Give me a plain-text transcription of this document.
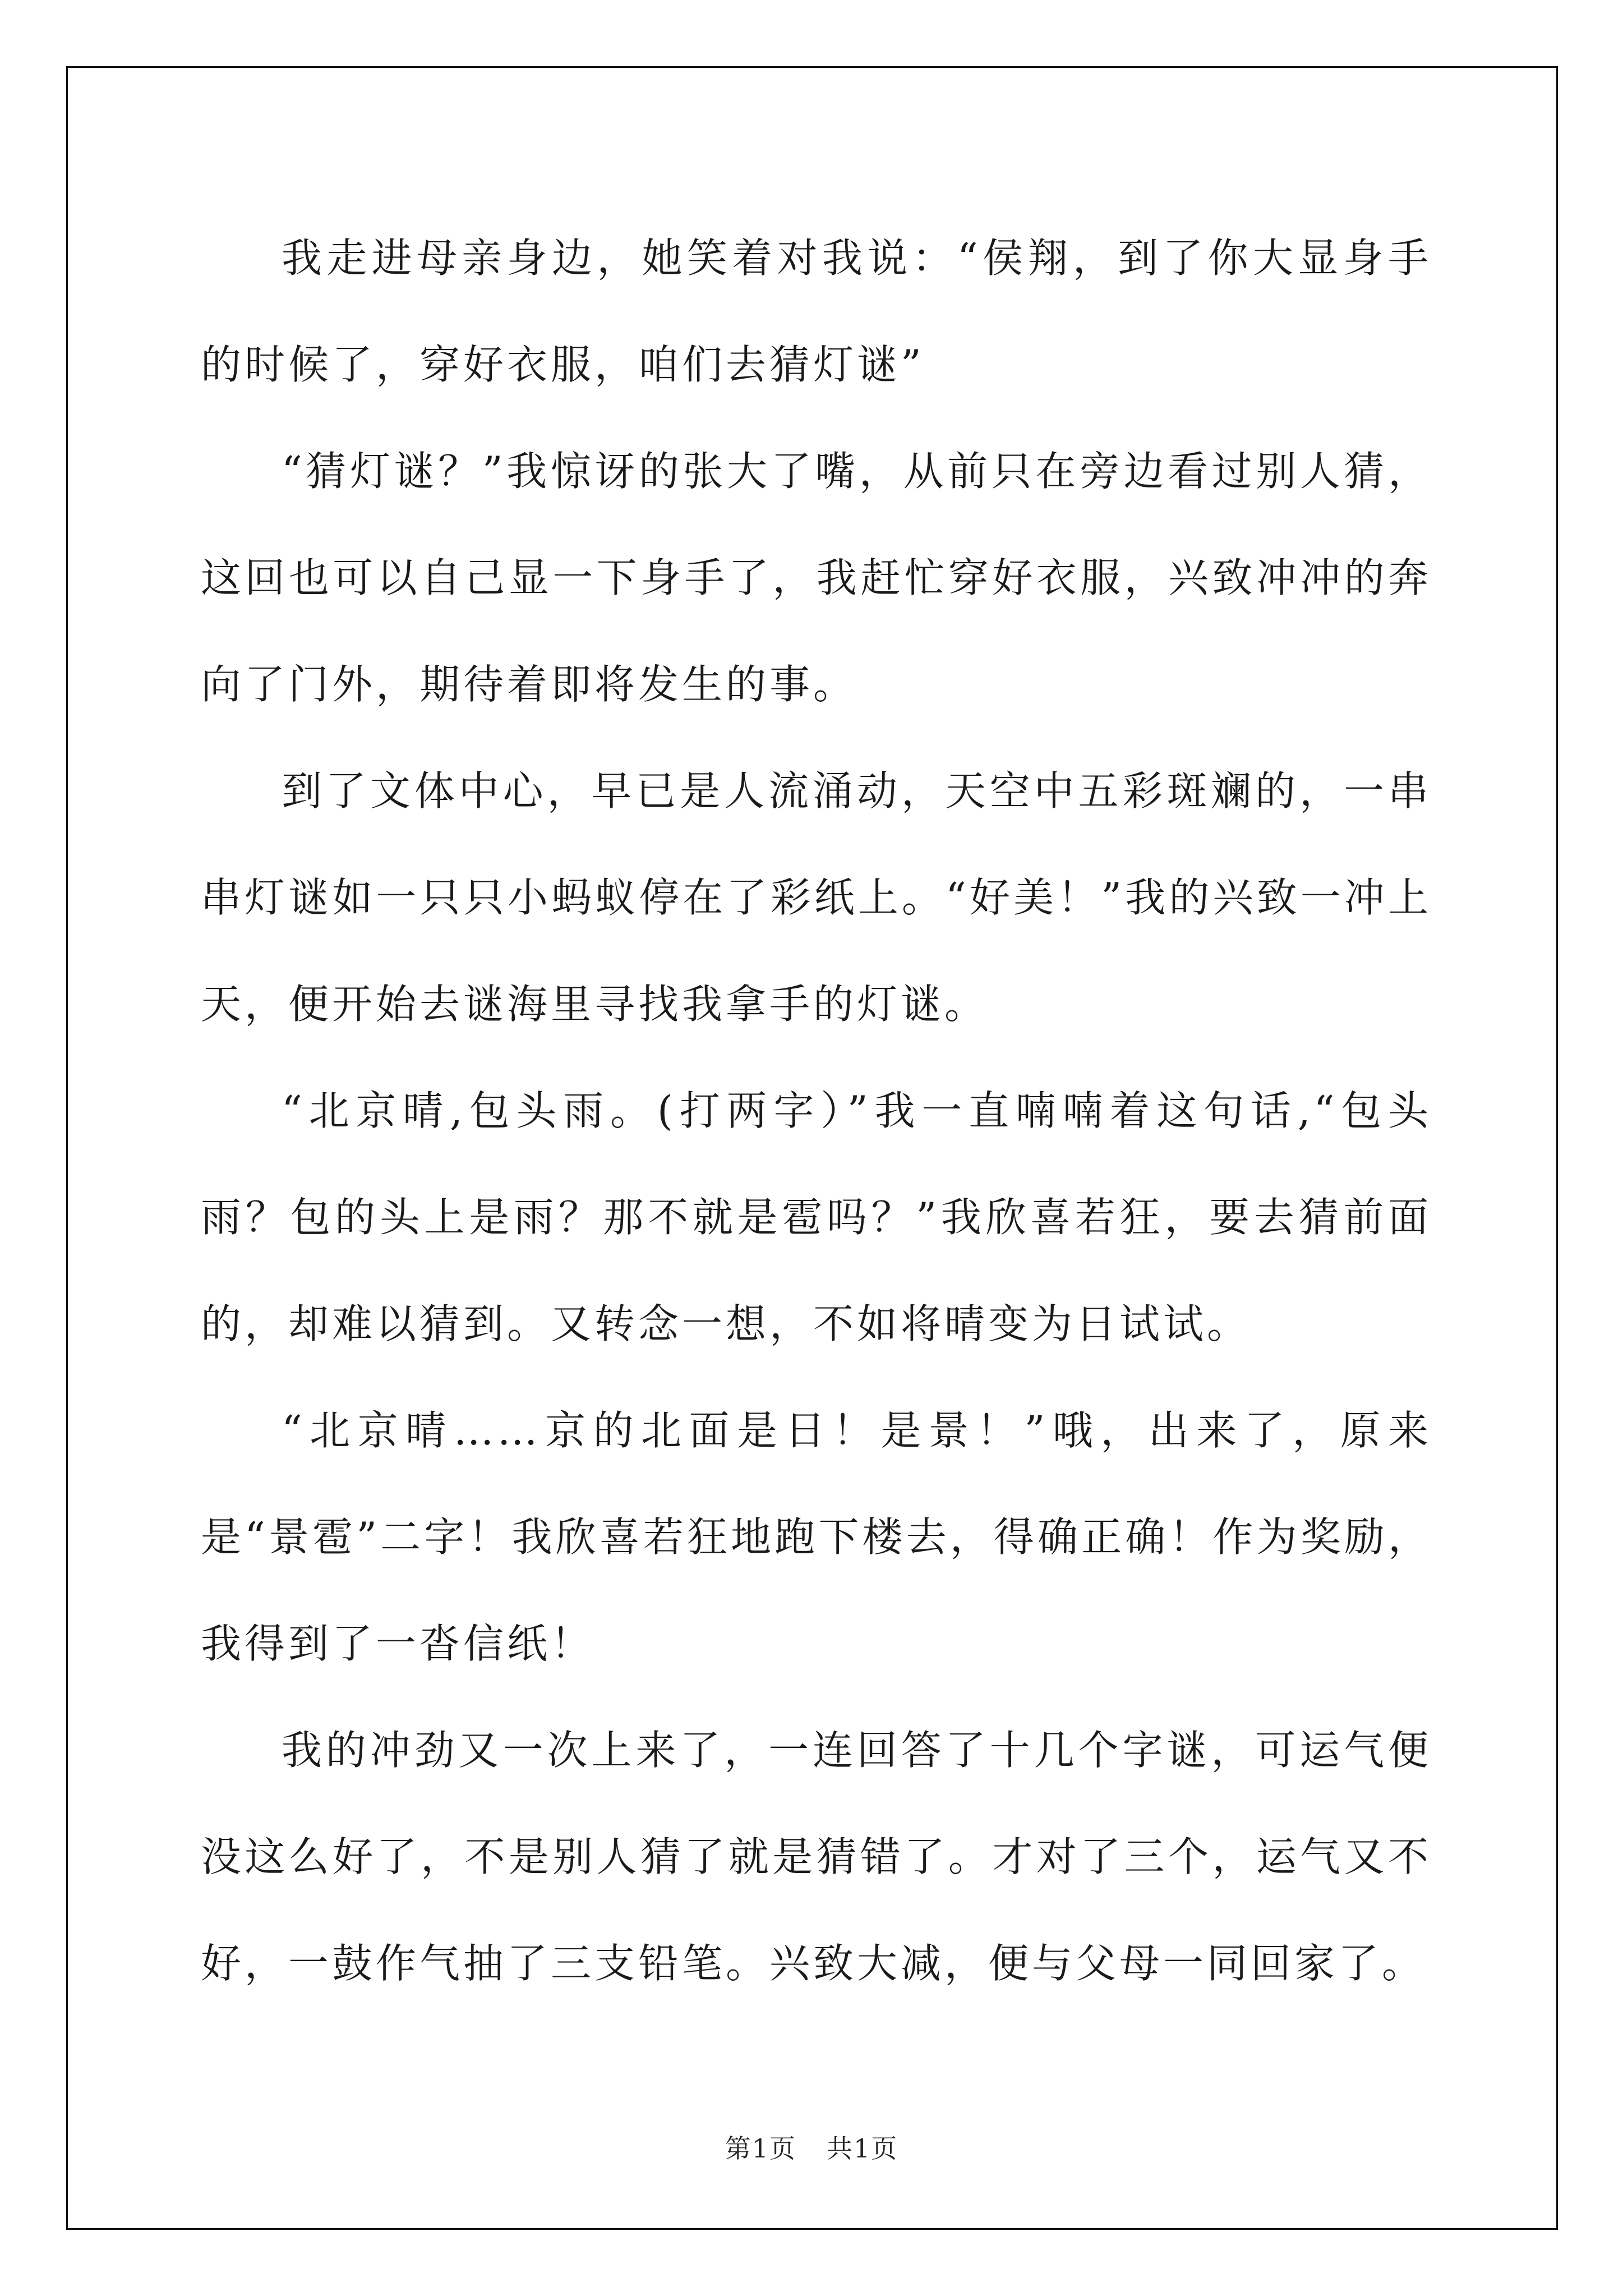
我走进母亲身边，她笑着对我说：“侯翔，到了你大显身手的时候了，穿好衣服，咱们去猜灯谜”

“猜灯谜？”我惊讶的张大了嘴，从前只在旁边看过别人猜，这回也可以自己显一下身手了，我赶忙穿好衣服，兴致冲冲的奔向了门外，期待着即将发生的事。

到了文体中心，早已是人流涌动，天空中五彩斑斓的，一串串灯谜如一只只小蚂蚁停在了彩纸上。“好美！”我的兴致一冲上天，便开始去谜海里寻找我拿手的灯谜。

“北京晴,包头雨。(打两字）”我一直喃喃着这句话,“包头雨？包的头上是雨？那不就是雹吗？”我欣喜若狂，要去猜前面的，却难以猜到。又转念一想，不如将晴变为日试试。

“北京晴……京的北面是日！是景！”哦，出来了，原来是“景雹”二字！我欣喜若狂地跑下楼去，得确正确！作为奖励，我得到了一沓信纸！

我的冲劲又一次上来了，一连回答了十几个字谜，可运气便没这么好了，不是别人猜了就是猜错了。才对了三个，运气又不好，一鼓作气抽了三支铅笔。兴致大减，便与父母一同回家了。

第1页 共1页
